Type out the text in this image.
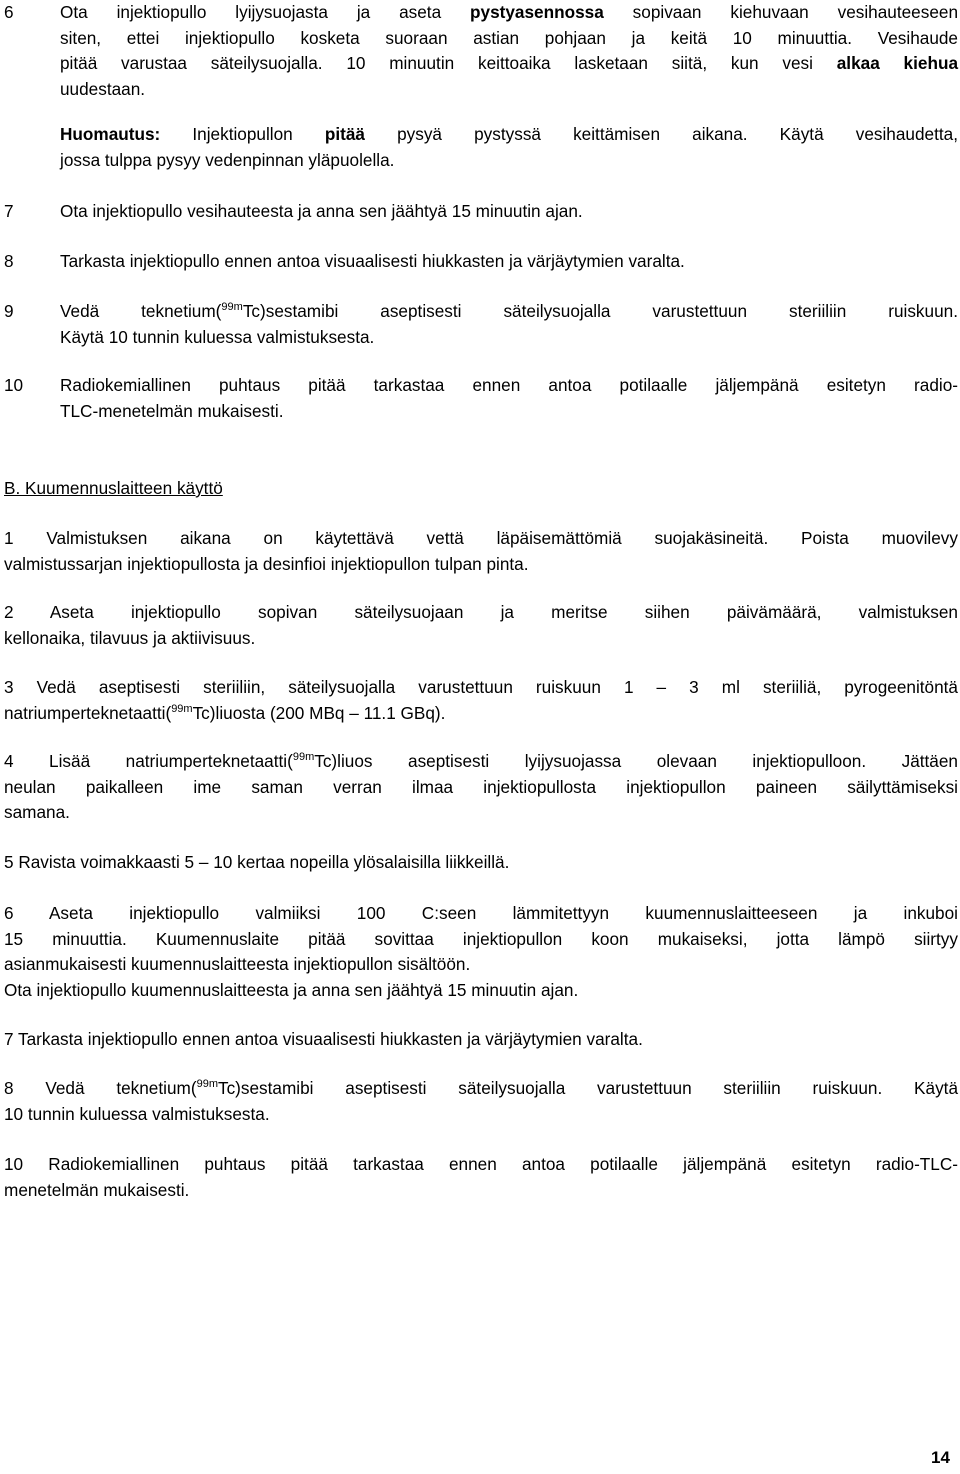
6	Ota injektiopullo lyijysuojasta ja aseta pystyasennossa sopivaan kiehuvaan vesihauteeseen
siten, ettei injektiopullo kosketa suoraan astian pohjaan ja keitä 10 minuuttia. Vesihaude
pitää varustaa säteilysuojalla. 10 minuutin keittoaika lasketaan siitä, kun vesi alkaa kiehua
uudestaan.
Huomautus: Injektiopullon pitää pysyä pystyssä keittämisen aikana. Käytä vesihaudetta,
jossa tulppa pysyy vedenpinnan yläpuolella.
7	Ota injektiopullo vesihauteesta ja anna sen jäähtyä 15 minuutin ajan.
8	Tarkasta injektiopullo ennen antoa visuaalisesti hiukkasten ja värjäytymien varalta.
9	Vedä teknetium($^{99m}$Tc)sestamibi aseptisesti säteilysuojalla varustettuun steriiliin ruiskuun.
Käytä 10 tunnin kuluessa valmistuksesta.
10 Radiokemiallinen puhtaus pitää tarkastaa ennen antoa potilaalle jäljempänä esitetyn radio-
TLC-menetelmän mukaisesti.
B. Kuumennuslaitteen käyttö
1 Valmistuksen aikana on käytettävä vettä läpäisemättömiä suojakäsineitä. Poista muovilevy
valmistussarjan injektiopullosta ja desinfioi injektiopullon tulpan pinta.
2 Aseta injektiopullo sopivan säteilysuojaan ja meritse siihen päivämäärä, valmistuksen
kellonaika, tilavuus ja aktiivisuus.
3 Vedä aseptisesti steriiliin, säteilysuojalla varustettuun ruiskuun 1 – 3 ml steriiliä, pyrogeenitöntä
natriumperteknetaatti($^{99m}$Tc)liuosta (200 MBq – 11.1 GBq).
4 Lisää natriumperteknetaatti($^{99m}$Tc)liuos aseptisesti lyijysuojassa olevaan injektiopulloon. Jättäen
neulan paikalleen ime saman verran ilmaa injektiopullosta injektiopullon paineen säilyttämiseksi
samana.
5 Ravista voimakkaasti 5 – 10 kertaa nopeilla ylösalaisilla liikkeillä.
6 Aseta injektiopullo valmiiksi 100 C:seen lämmitettyyn kuumennuslaitteeseen ja inkuboi
15 minuuttia. Kuumennuslaite pitää sovittaa injektiopullon koon mukaiseksi, jotta lämpö siirtyy
asianmukaisesti kuumennuslaitteesta injektiopullon sisältöön.
Ota injektiopullo kuumennuslaitteesta ja anna sen jäähtyä 15 minuutin ajan.
7 Tarkasta injektiopullo ennen antoa visuaalisesti hiukkasten ja värjäytymien varalta.
8 Vedä teknetium($^{99m}$Tc)sestamibi aseptisesti säteilysuojalla varustettuun steriiliin ruiskuun. Käytä
10 tunnin kuluessa valmistuksesta.
10 Radiokemiallinen puhtaus pitää tarkastaa ennen antoa potilaalle jäljempänä esitetyn radio-TLC-
menetelmän mukaisesti.
14
